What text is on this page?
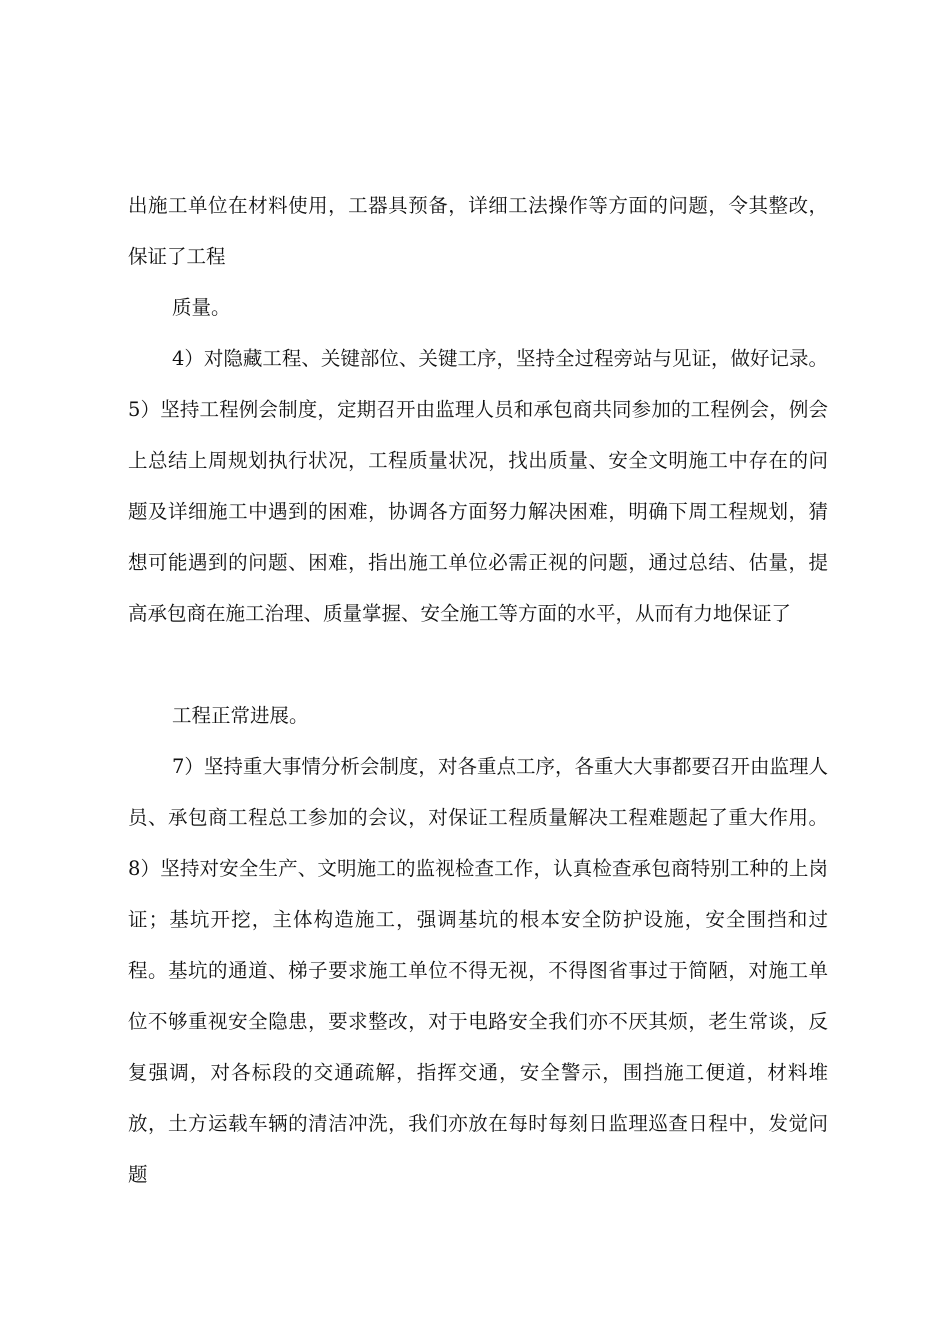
出施工单位在材料使用，工器具预备，详细工法操作等方面的问题，令其整改，保证了工程

质量。

4）对隐藏工程、关键部位、关键工序，坚持全过程旁站与见证，做好记录。5）坚持工程例会制度，定期召开由监理人员和承包商共同参加的工程例会，例会上总结上周规划执行状况，工程质量状况，找出质量、安全文明施工中存在的问题及详细施工中遇到的困难，协调各方面努力解决困难，明确下周工程规划，猜想可能遇到的问题、困难，指出施工单位必需正视的问题，通过总结、估量，提高承包商在施工治理、质量掌握、安全施工等方面的水平，从而有力地保证了

工程正常进展。

7）坚持重大事情分析会制度，对各重点工序，各重大大事都要召开由监理人员、承包商工程总工参加的会议，对保证工程质量解决工程难题起了重大作用。8）坚持对安全生产、文明施工的监视检查工作，认真检查承包商特别工种的上岗证；基坑开挖，主体构造施工，强调基坑的根本安全防护设施，安全围挡和过程。基坑的通道、梯子要求施工单位不得无视，不得图省事过于简陋，对施工单位不够重视安全隐患，要求整改，对于电路安全我们亦不厌其烦，老生常谈，反复强调，对各标段的交通疏解，指挥交通，安全警示，围挡施工便道，材料堆放，土方运载车辆的清洁冲洗，我们亦放在每时每刻日监理巡查日程中，发觉问题
